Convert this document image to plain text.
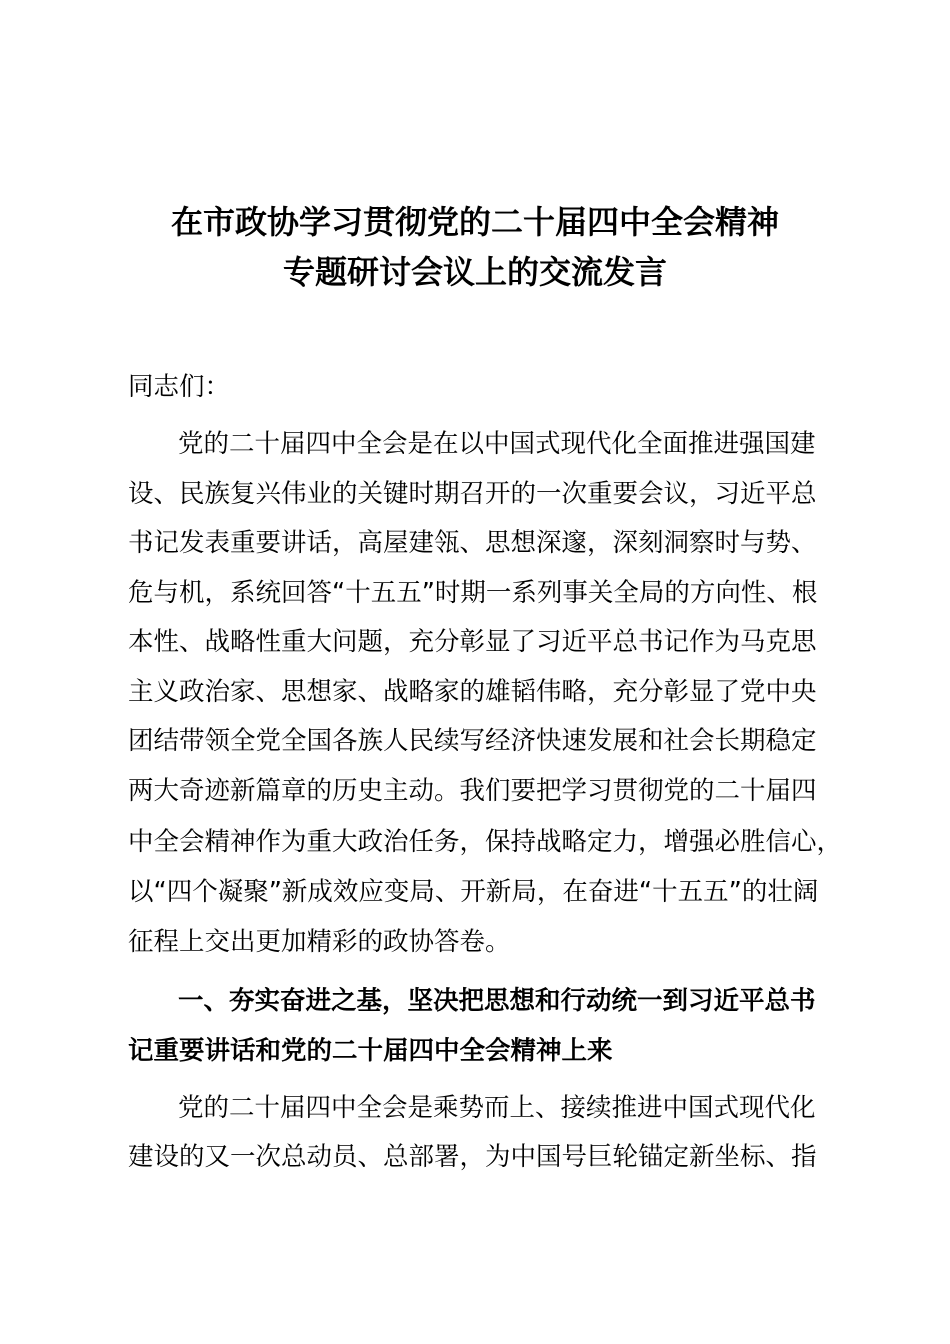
在市政协学习贯彻党的二十届四中全会精神
专题研讨会议上的交流发言
同志们：
党的二十届四中全会是在以中国式现代化全面推进强国建
设、民族复兴伟业的关键时期召开的一次重要会议，习近平总
书记发表重要讲话，高屋建瓴、思想深邃，深刻洞察时与势、
危与机，系统回答“十五五”时期一系列事关全局的方向性、根
本性、战略性重大问题，充分彰显了习近平总书记作为马克思
主义政治家、思想家、战略家的雄韬伟略，充分彰显了党中央
团结带领全党全国各族人民续写经济快速发展和社会长期稳定
两大奇迹新篇章的历史主动。我们要把学习贯彻党的二十届四
中全会精神作为重大政治任务，保持战略定力，增强必胜信心，
以“四个凝聚”新成效应变局、开新局，在奋进“十五五”的壮阔
征程上交出更加精彩的政协答卷。
一、夯实奋进之基，坚决把思想和行动统一到习近平总书
记重要讲话和党的二十届四中全会精神上来
党的二十届四中全会是乘势而上、接续推进中国式现代化
建设的又一次总动员、总部署，为中国号巨轮锚定新坐标、指
